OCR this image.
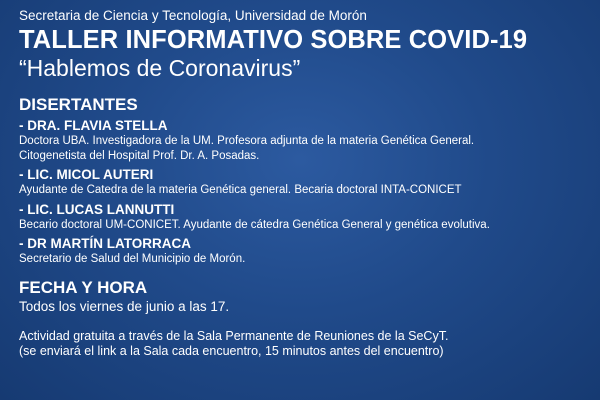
Secretaria de Ciencia y Tecnología, Universidad de Morón

TALLER INFORMATIVO SOBRE COVID-19

“Hablemos de Coronavirus”

DISERTANTES

- DRA. FLAVIA STELLA

Doctora UBA. Investigadora de la UM. Profesora adjunta de la materia Genética General.

Citogenetista del Hospital Prof. Dr. A. Posadas.

- LIC. MICOL AUTERI

Ayudante de Catedra de la materia Genética general. Becaria doctoral INTA-CONICET

- LIC. LUCAS LANNUTTI

Becario doctoral UM-CONICET. Ayudante de cátedra Genética General y genética evolutiva.

- DR MARTÍN LATORRACA

Secretario de Salud del Municipio de Morón.

FECHA Y HORA

Todos los viernes de junio a las 17.

Actividad gratuita a través de la Sala Permanente de Reuniones de la SeCyT.

(se enviará el link a la Sala cada encuentro, 15 minutos antes del encuentro)
